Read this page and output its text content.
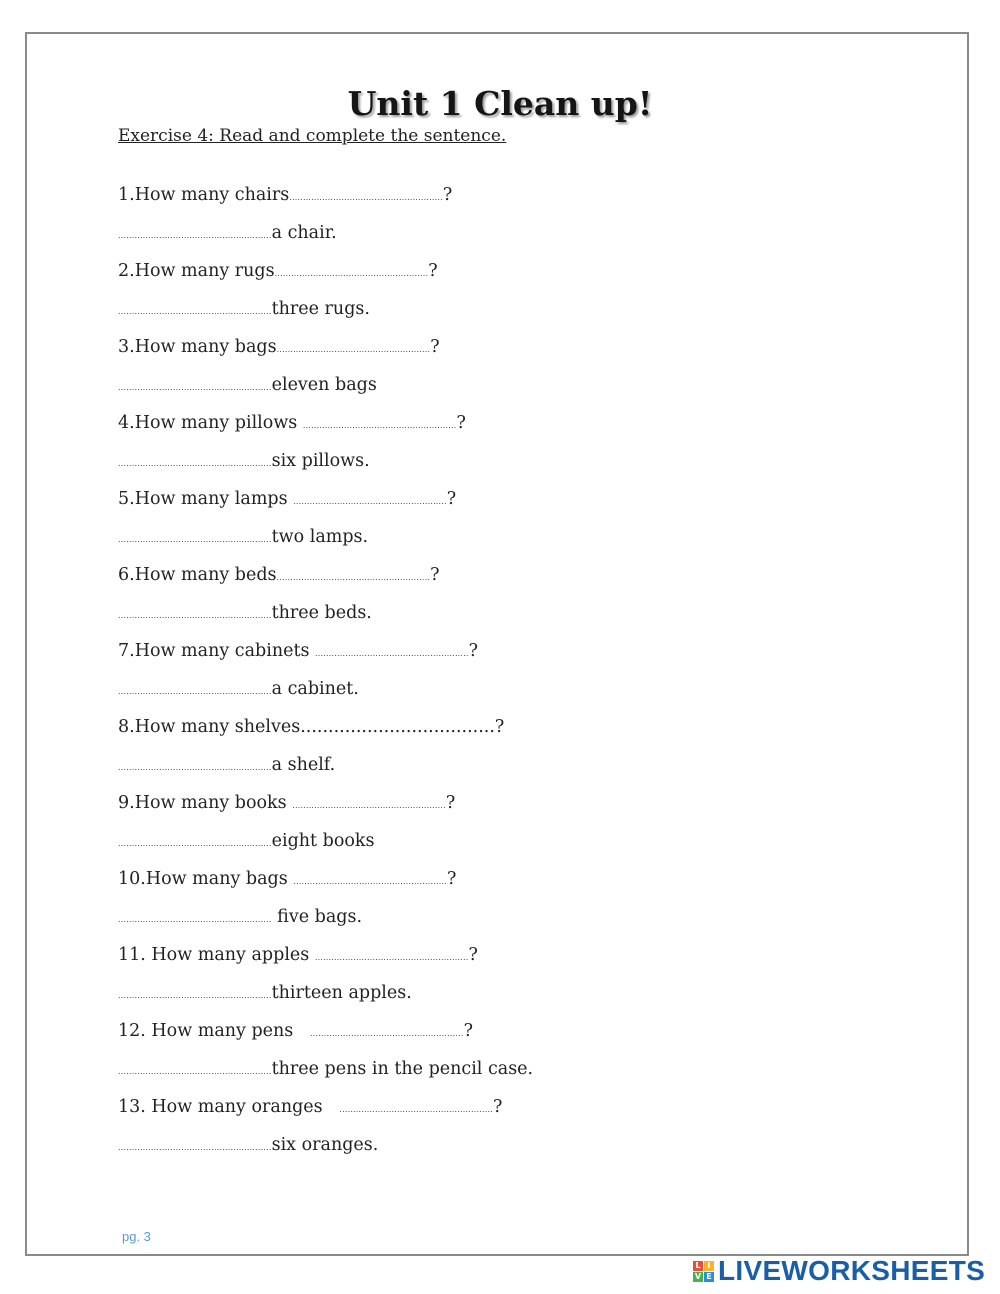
Unit 1 Clean up!
Exercise 4: Read and complete the sentence.
1.How many chairs........................................................?
........................................................a chair.
2.How many rugs........................................................?
........................................................three rugs.
3.How many bags........................................................?
........................................................eleven bags
4.How many pillows ........................................................?
........................................................six pillows.
5.How many lamps ........................................................?
........................................................two lamps.
6.How many beds........................................................?
........................................................three beds.
7.How many cabinets ........................................................?
........................................................a cabinet.
8.How many shelves...................................?
........................................................a shelf.
9.How many books ........................................................?
........................................................eight books
10.How many bags ........................................................?
........................................................ five bags.
11. How many apples ........................................................?
........................................................thirteen apples.
12. How many pens ........................................................?
........................................................three pens in the pencil case.
13. How many oranges ........................................................?
........................................................six oranges.
pg. 3
L I
V E LIVEWORKSHEETS
